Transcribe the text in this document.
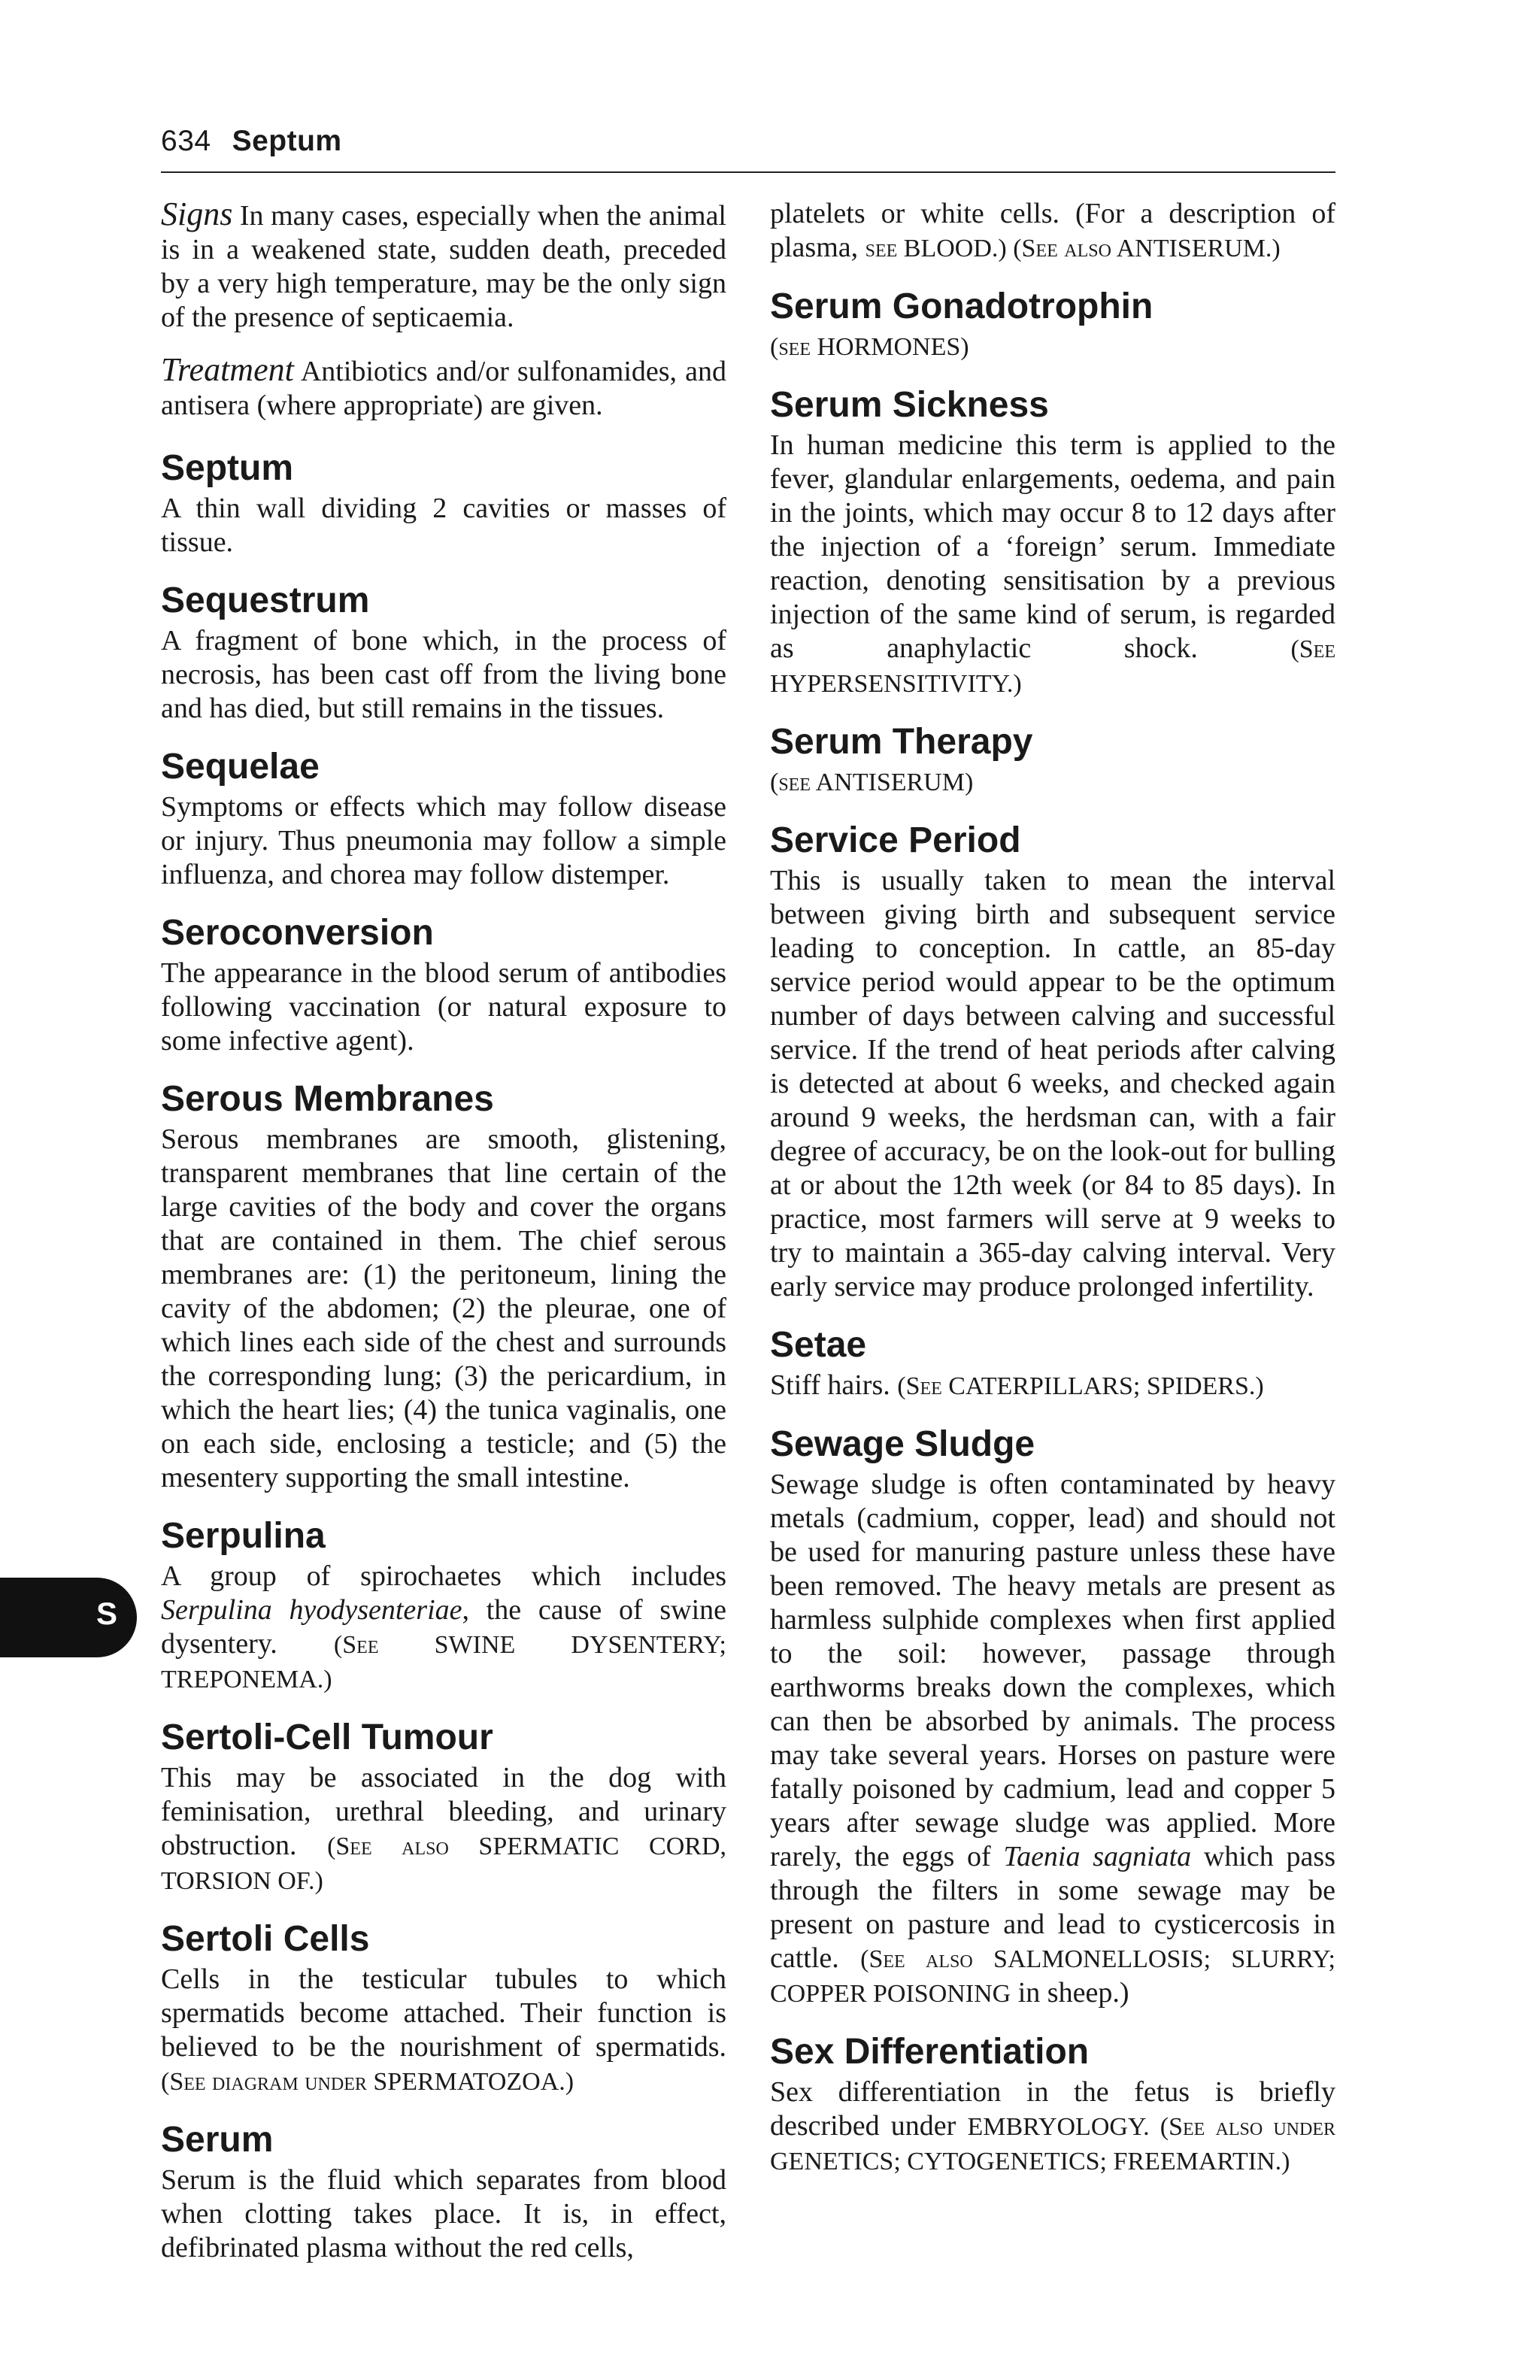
634 Septum

Signs In many cases, especially when the animal is in a weakened state, sudden death, preceded by a very high temperature, may be the only sign of the presence of septicaemia.

Treatment Antibiotics and/or sulfonamides, and antisera (where appropriate) are given.

Septum

A thin wall dividing 2 cavities or masses of tissue.

Sequestrum

A fragment of bone which, in the process of necrosis, has been cast off from the living bone and has died, but still remains in the tissues.

Sequelae

Symptoms or effects which may follow disease or injury. Thus pneumonia may follow a simple influenza, and chorea may follow distemper.

Seroconversion

The appearance in the blood serum of antibodies following vaccination (or natural exposure to some infective agent).

Serous Membranes

Serous membranes are smooth, glistening, transparent membranes that line certain of the large cavities of the body and cover the organs that are contained in them. The chief serous membranes are: (1) the peritoneum, lining the cavity of the abdomen; (2) the pleurae, one of which lines each side of the chest and surrounds the corresponding lung; (3) the pericardium, in which the heart lies; (4) the tunica vaginalis, one on each side, enclosing a testicle; and (5) the mesentery supporting the small intestine.

Serpulina

A group of spirochaetes which includes Serpulina hyodysenteriae, the cause of swine dysentery. (See SWINE DYSENTERY; TREPONEMA.)

Sertoli-Cell Tumour

This may be associated in the dog with feminisation, urethral bleeding, and urinary obstruction. (See also SPERMATIC CORD, TORSION OF.)

Sertoli Cells

Cells in the testicular tubules to which spermatids become attached. Their function is believed to be the nourishment of spermatids. (See diagram under SPERMATOZOA.)

Serum

Serum is the fluid which separates from blood when clotting takes place. It is, in effect, defibrinated plasma without the red cells,

platelets or white cells. (For a description of plasma, see BLOOD.) (See also ANTISERUM.)

Serum Gonadotrophin

(see HORMONES)

Serum Sickness

In human medicine this term is applied to the fever, glandular enlargements, oedema, and pain in the joints, which may occur 8 to 12 days after the injection of a ‘foreign’ serum. Immediate reaction, denoting sensitisation by a previous injection of the same kind of serum, is regarded as anaphylactic shock.	(See HYPERSENSITIVITY.)

Serum Therapy

(see ANTISERUM)

Service Period

This is usually taken to mean the interval between giving birth and subsequent service leading to conception. In cattle, an 85-day service period would appear to be the optimum number of days between calving and successful service. If the trend of heat periods after calving is detected at about 6 weeks, and checked again around 9 weeks, the herdsman can, with a fair degree of accuracy, be on the look-out for bulling at or about the 12th week (or 84 to 85 days). In practice, most farmers will serve at 9 weeks to try to maintain a 365-day calving interval. Very early service may produce prolonged infertility.

Setae

Stiff hairs. (See CATERPILLARS; SPIDERS.)

Sewage Sludge

Sewage sludge is often contaminated by heavy metals (cadmium, copper, lead) and should not be used for manuring pasture unless these have been removed. The heavy metals are present as harmless sulphide complexes when first applied to the soil: however, passage through earthworms breaks down the complexes, which can then be absorbed by animals. The process may take several years. Horses on pasture were fatally poisoned by cadmium, lead and copper 5 years after sewage sludge was applied. More rarely, the eggs of Taenia sagniata which pass through the filters in some sewage may be present on pasture and lead to cysticercosis in cattle. (See also SALMONELLOSIS; SLURRY; COPPER POISONING in sheep.)

Sex Differentiation

Sex differentiation in the fetus is briefly described under EMBRYOLOGY. (See also under GENETICS; CYTOGENETICS; FREEMARTIN.)

S
